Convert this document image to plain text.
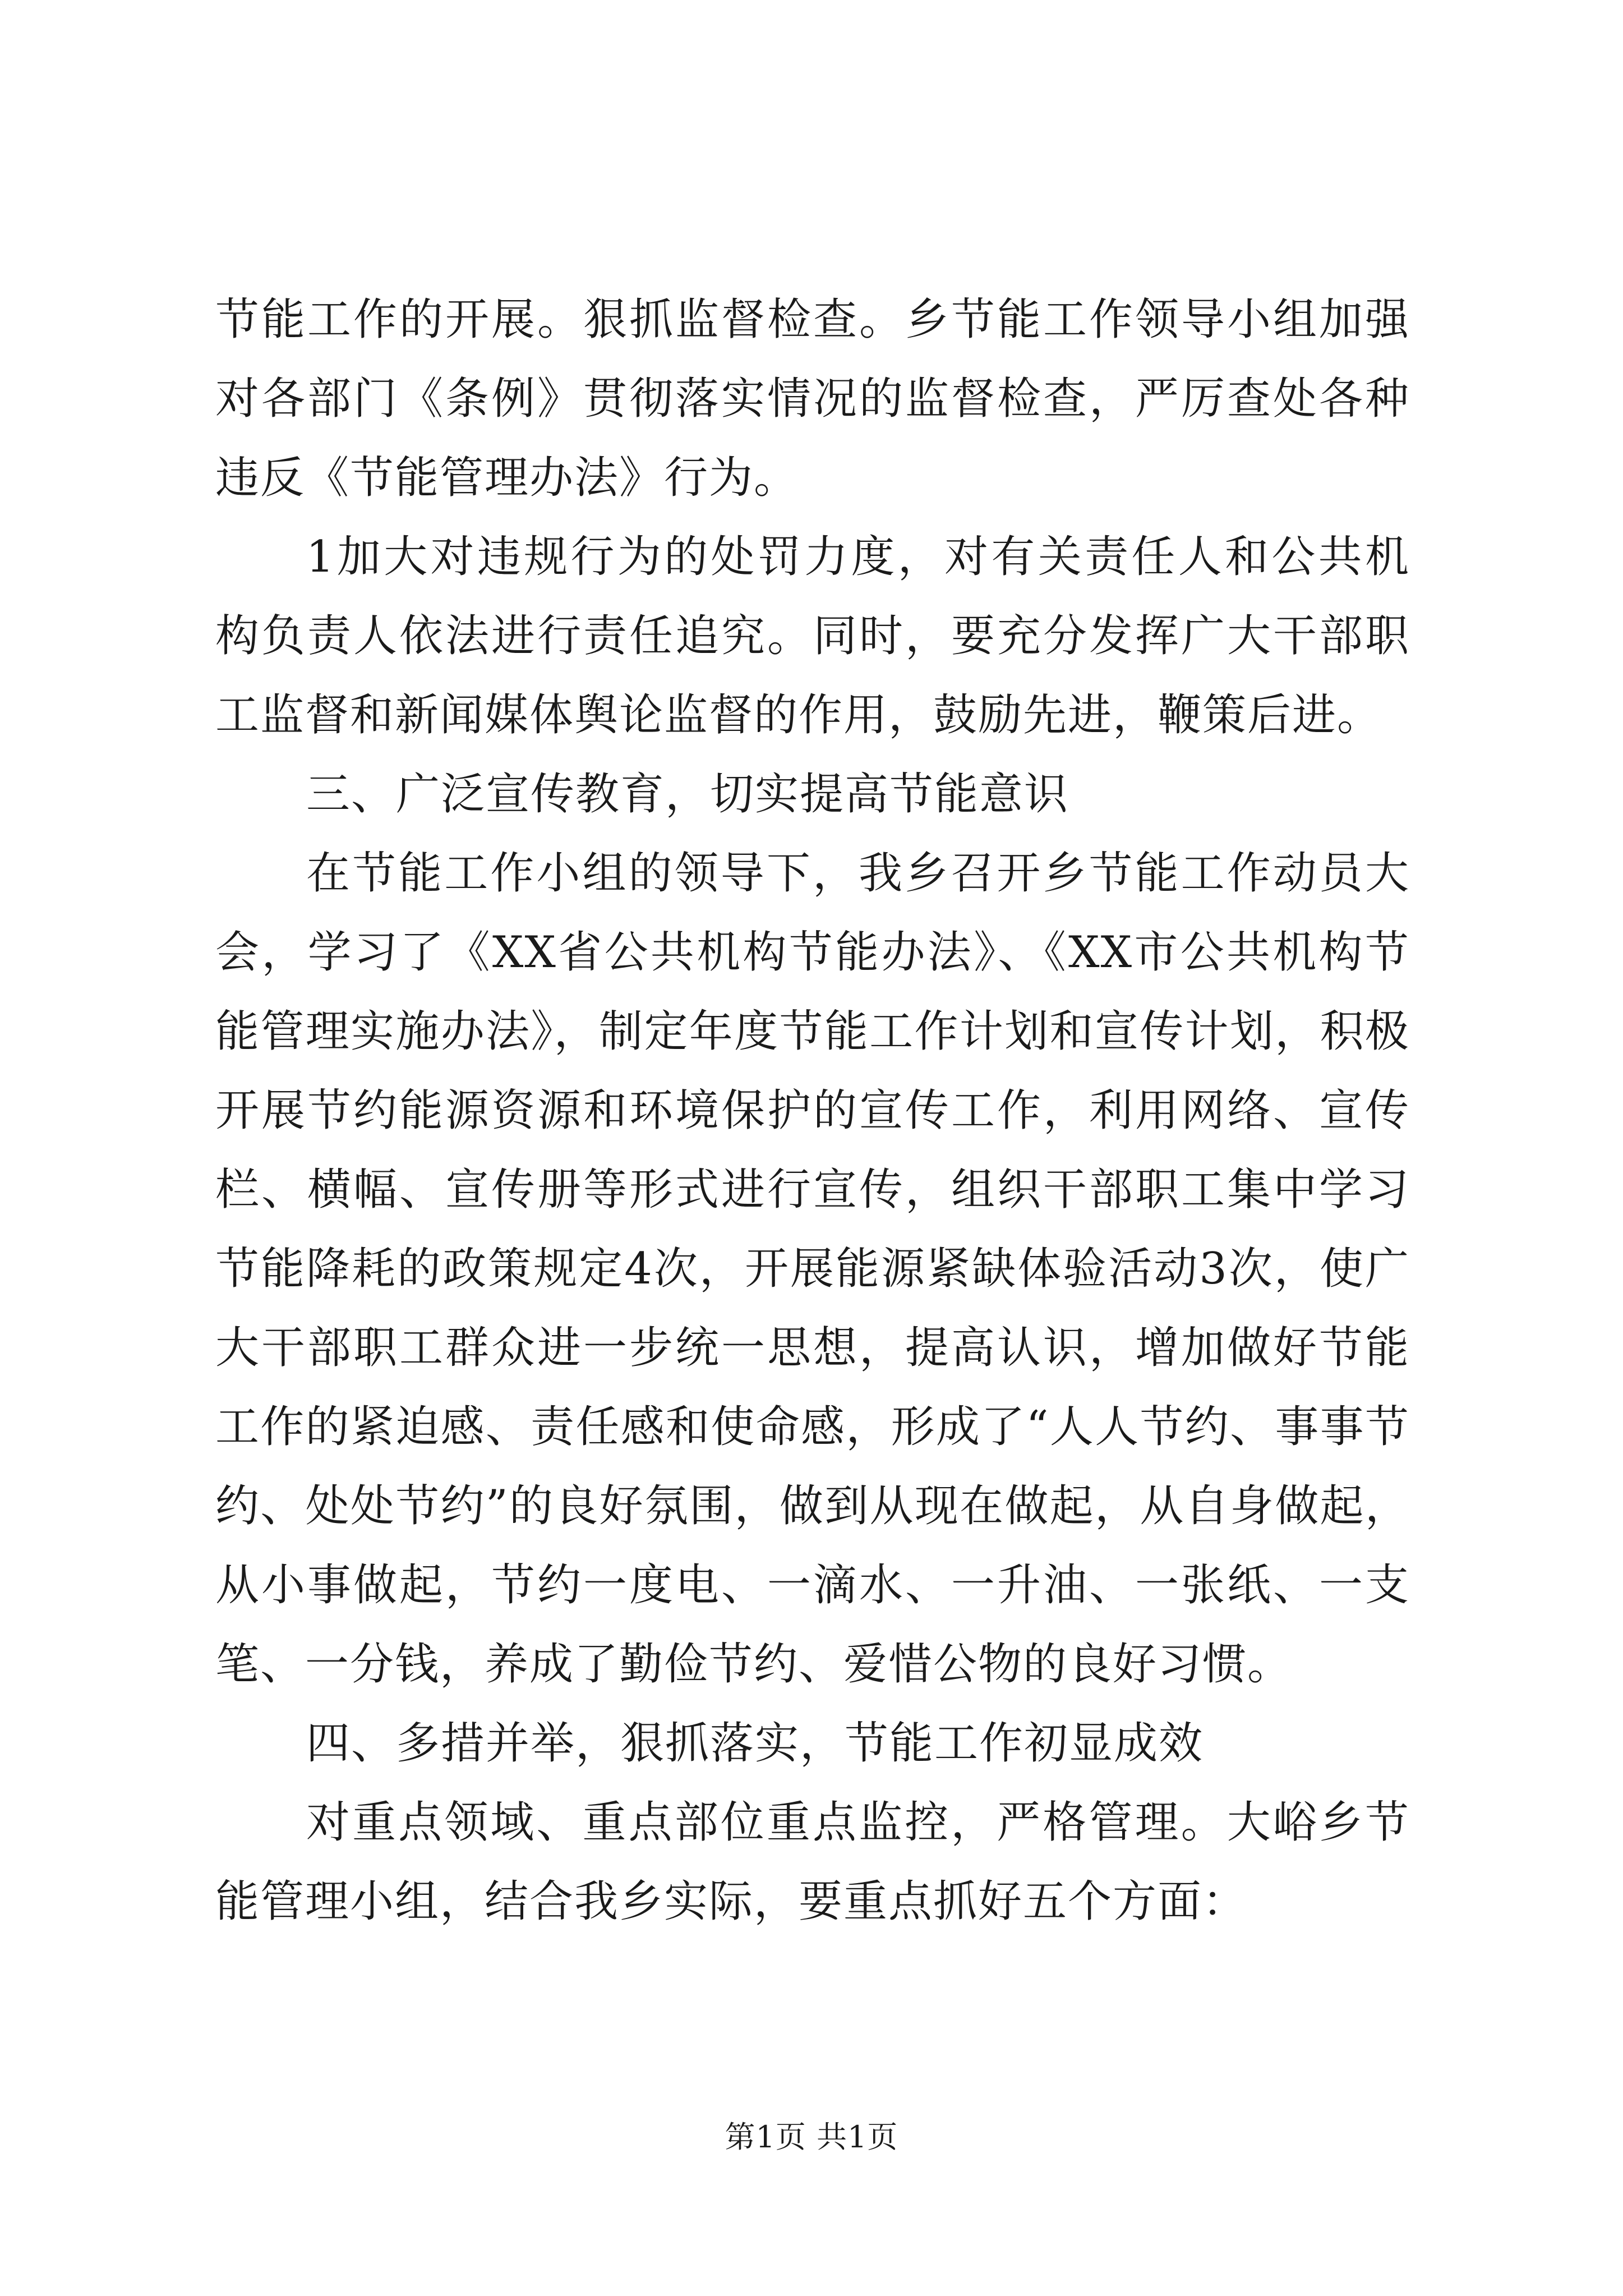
节能工作的开展。狠抓监督检查。乡节能工作领导小组加强对各部门《条例》贯彻落实情况的监督检查，严厉查处各种违反《节能管理办法》行为。

1加大对违规行为的处罚力度，对有关责任人和公共机构负责人依法进行责任追究。同时，要充分发挥广大干部职工监督和新闻媒体舆论监督的作用，鼓励先进，鞭策后进。

三、广泛宣传教育，切实提高节能意识

在节能工作小组的领导下，我乡召开乡节能工作动员大会，学习了《XX省公共机构节能办法》、《XX市公共机构节能管理实施办法》，制定年度节能工作计划和宣传计划，积极开展节约能源资源和环境保护的宣传工作，利用网络、宣传栏、横幅、宣传册等形式进行宣传，组织干部职工集中学习节能降耗的政策规定4次，开展能源紧缺体验活动3次，使广大干部职工群众进一步统一思想，提高认识，增加做好节能工作的紧迫感、责任感和使命感，形成了“人人节约、事事节约、处处节约”的良好氛围，做到从现在做起，从自身做起，从小事做起，节约一度电、一滴水、一升油、一张纸、一支笔、一分钱，养成了勤俭节约、爱惜公物的良好习惯。

四、多措并举，狠抓落实，节能工作初显成效

对重点领域、重点部位重点监控，严格管理。大峪乡节能管理小组，结合我乡实际，要重点抓好五个方面：

第1页 共1页
